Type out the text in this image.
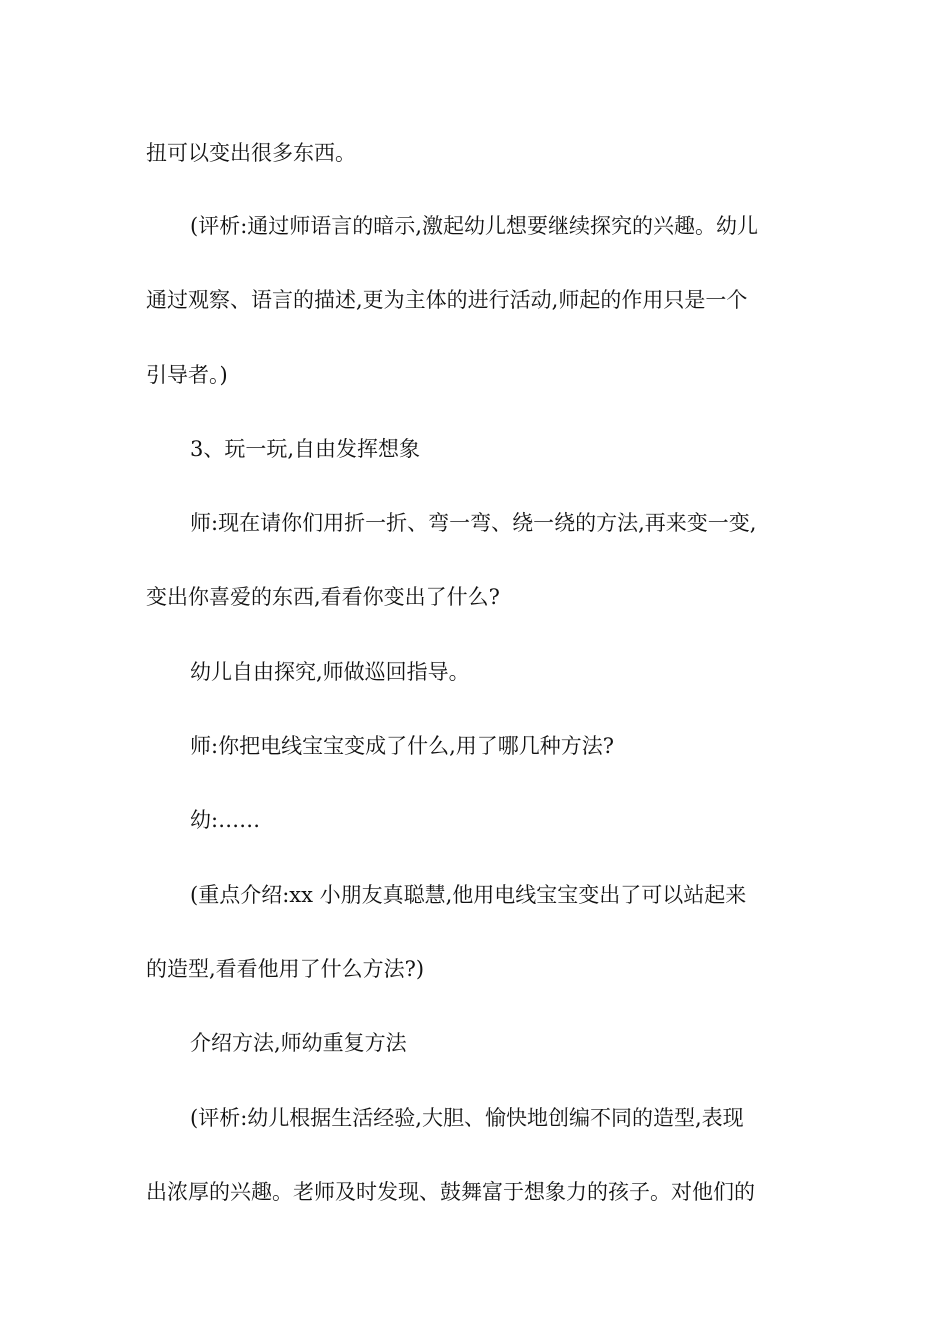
扭可以变出很多东西。
(评析:通过师语言的暗示,激起幼儿想要继续探究的兴趣。幼儿
通过观察、语言的描述,更为主体的进行活动,师起的作用只是一个
引导者。)
3、玩一玩,自由发挥想象
师:现在请你们用折一折、弯一弯、绕一绕的方法,再来变一变,
变出你喜爱的东西,看看你变出了什么?
幼儿自由探究,师做巡回指导。
师:你把电线宝宝变成了什么,用了哪几种方法?
幼:……
(重点介绍:xx 小朋友真聪慧,他用电线宝宝变出了可以站起来
的造型,看看他用了什么方法?)
介绍方法,师幼重复方法
(评析:幼儿根据生活经验,大胆、愉快地创编不同的造型,表现
出浓厚的兴趣。老师及时发现、鼓舞富于想象力的孩子。对他们的
